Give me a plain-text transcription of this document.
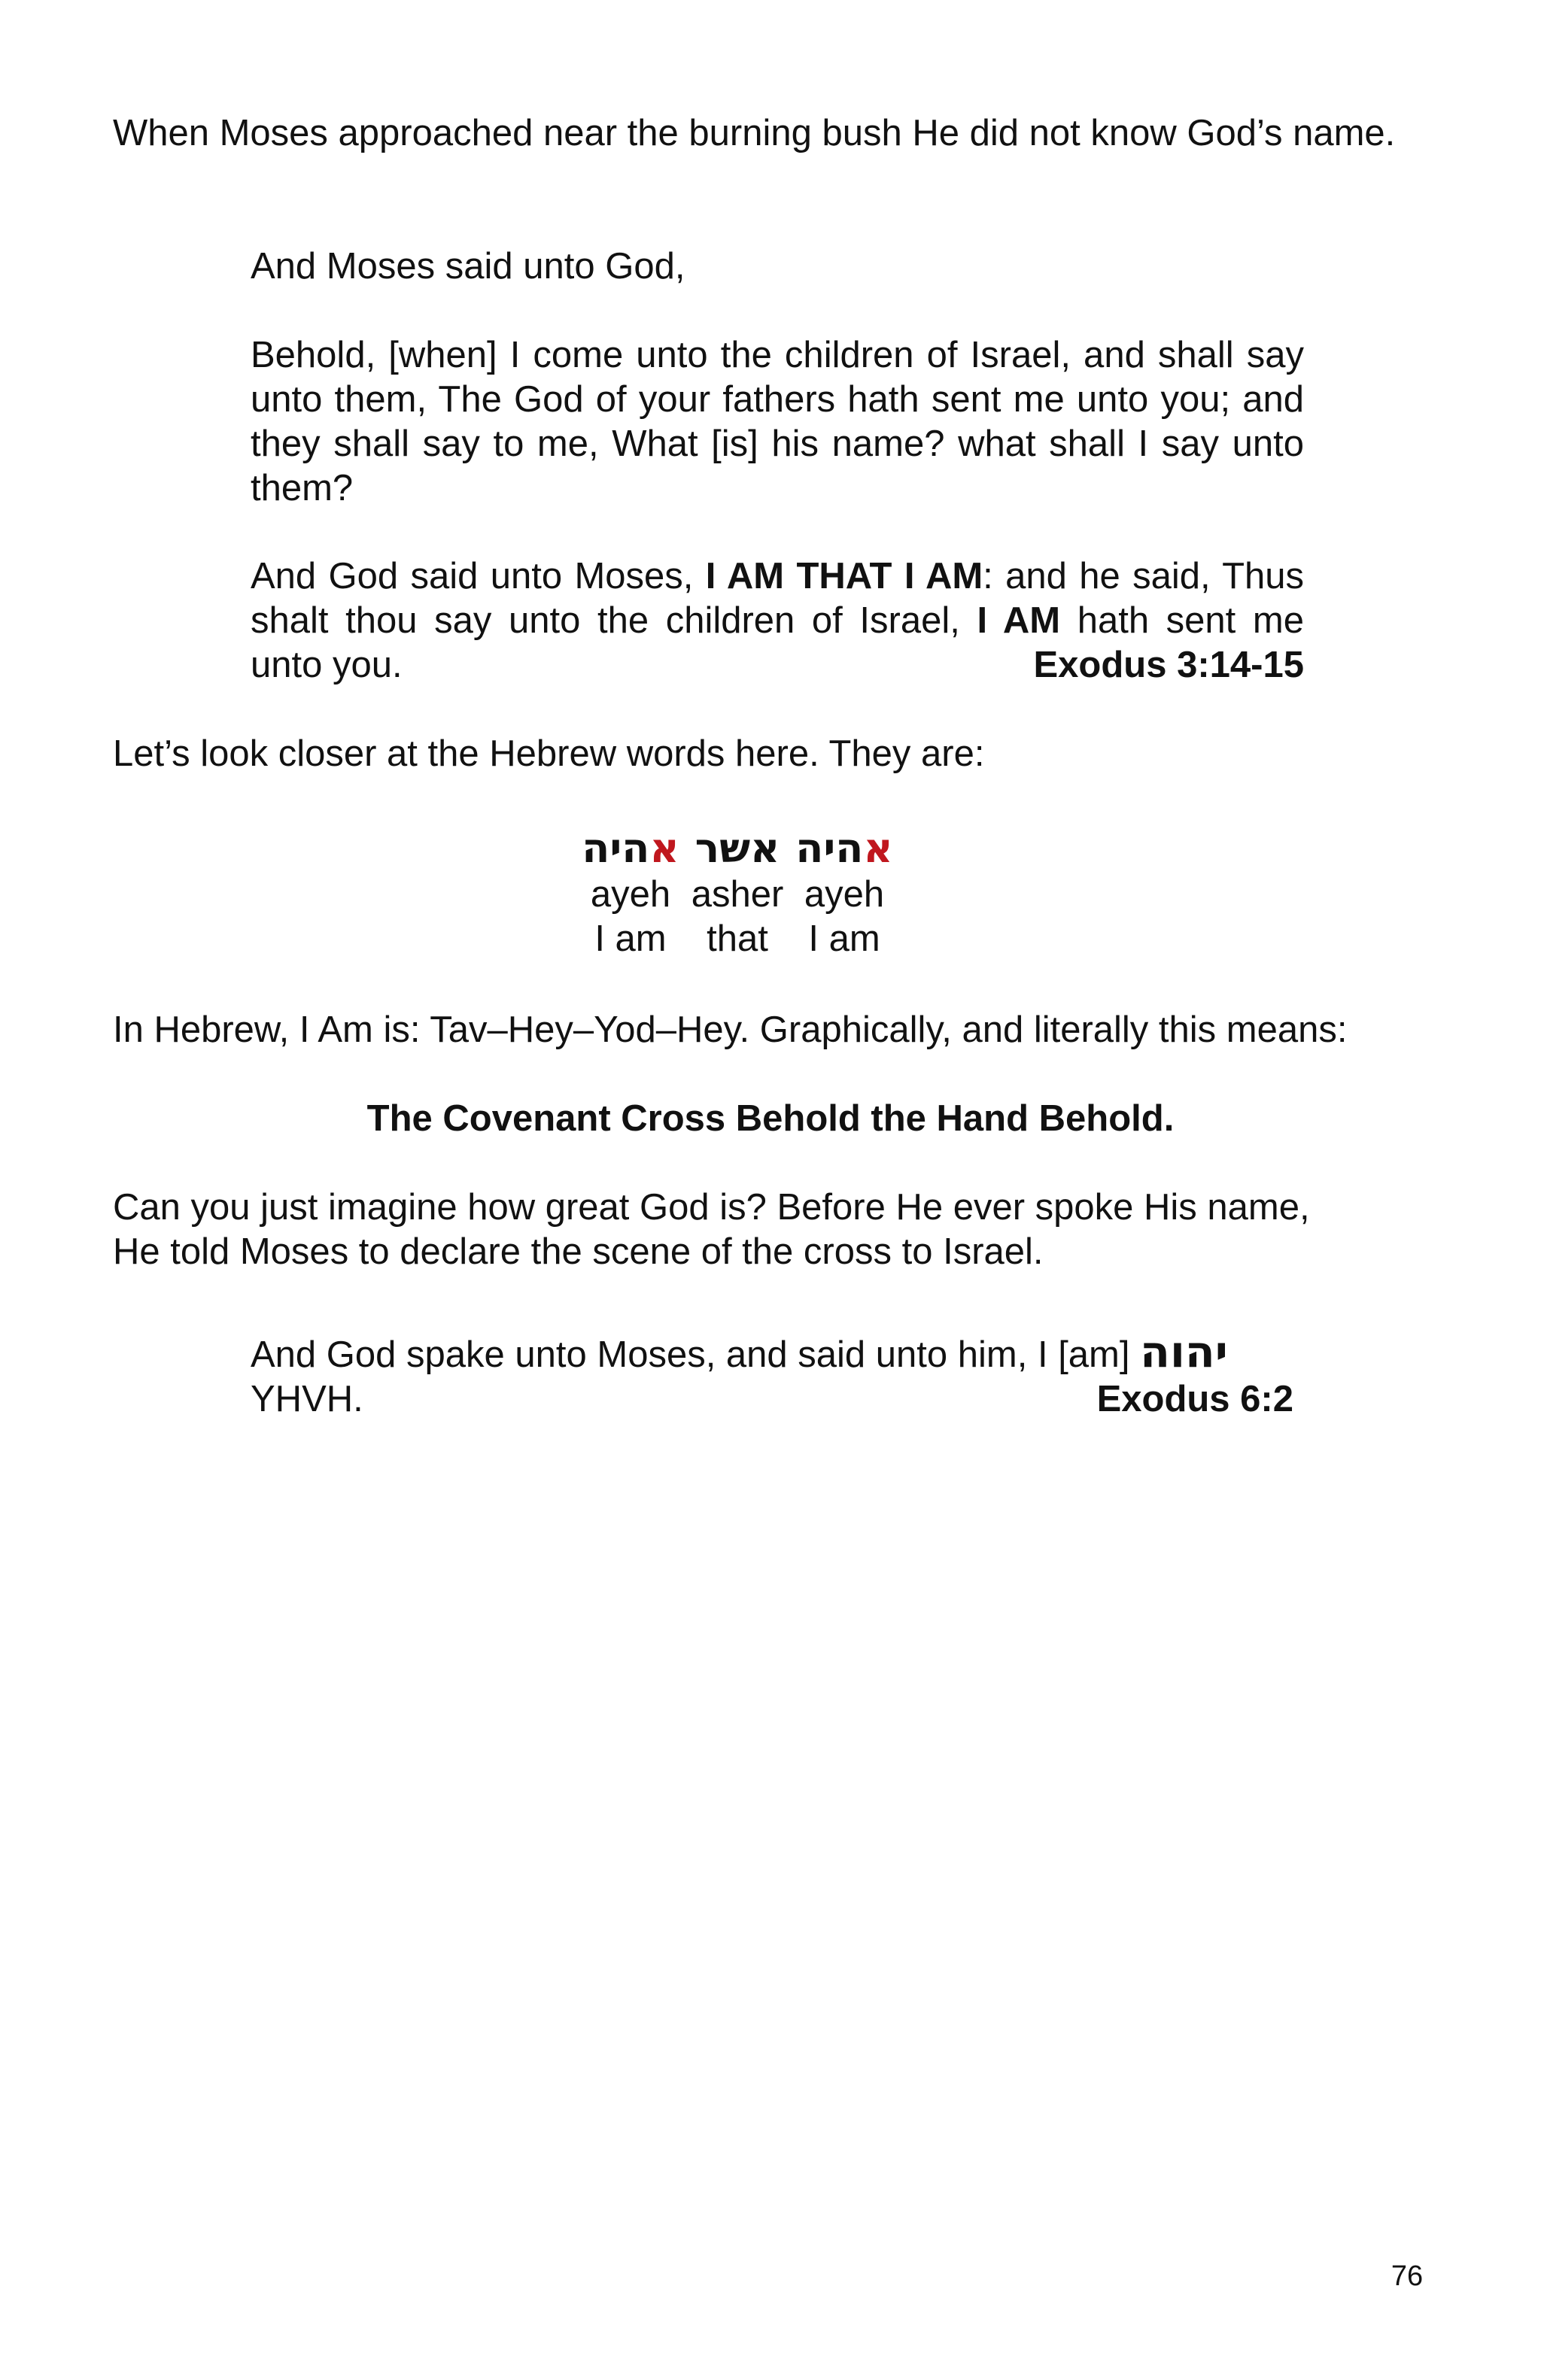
When Moses approached near the burning bush He did not know God’s name.

And Moses said unto God,

Behold, [when] I come unto the children of Israel, and shall say unto them, The God of your fathers hath sent me unto you; and they shall say to me, What [is] his name? what shall I say unto them?

And God said unto Moses, I AM THAT I AM: and he said, Thus shalt thou say unto the children of Israel, I AM hath sent me unto you.	Exodus 3:14-15

Let’s look closer at the Hebrew words here. They are:

אהיה	אשר	אהיה
ayeh	asher	ayeh
I am	that	I am

In Hebrew, I Am is: Tav–Hey–Yod–Hey. Graphically, and literally this means:

The Covenant Cross Behold the Hand Behold.

Can you just imagine how great God is? Before He ever spoke His name,
He told Moses to declare the scene of the cross to Israel.
And God spake unto Moses, and said unto him, I [am] יהוה
YHVH.	Exodus 6:2
76
